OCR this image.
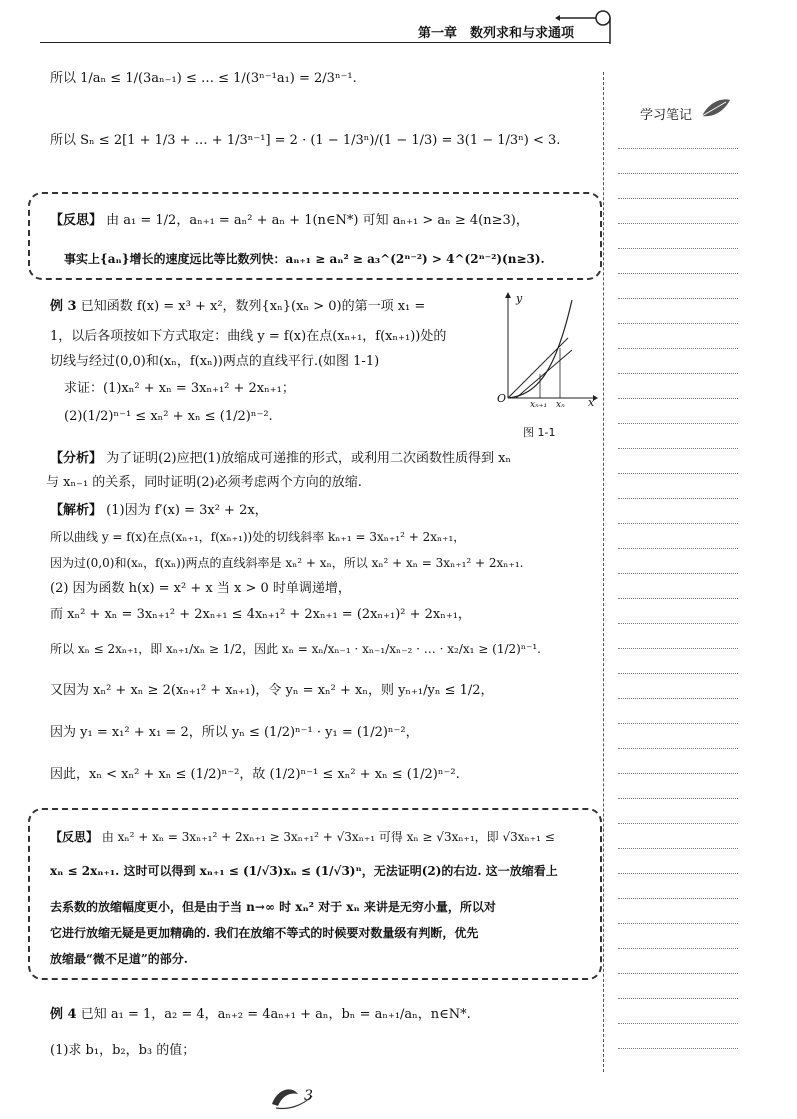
第一章　数列求和与求通项
学习笔记
所以 1/aₙ ≤ 1/(3aₙ₋₁) ≤ … ≤ 1/(3ⁿ⁻¹a₁) = 2/3ⁿ⁻¹.
所以 Sₙ ≤ 2[1 + 1/3 + … + 1/3ⁿ⁻¹] = 2 · (1 − 1/3ⁿ)/(1 − 1/3) = 3(1 − 1/3ⁿ) < 3.
【反思】 由 a₁ = 1/2，aₙ₊₁ = aₙ² + aₙ + 1(n∈N*) 可知 aₙ₊₁ > aₙ ≥ 4(n≥3)，
事实上{aₙ}增长的速度远比等比数列快：aₙ₊₁ ≥ aₙ² ≥ a₃^(2ⁿ⁻²) > 4^(2ⁿ⁻²)(n≥3).
例 3 已知函数 f(x) = x³ + x²，数列{xₙ}(xₙ > 0)的第一项 x₁ =
1，以后各项按如下方式取定：曲线 y = f(x)在点(xₙ₊₁，f(xₙ₊₁))处的
切线与经过(0,0)和(xₙ，f(xₙ))两点的直线平行.(如图 1-1)
求证：(1)xₙ² + xₙ = 3xₙ₊₁² + 2xₙ₊₁；
(2)(1/2)ⁿ⁻¹ ≤ xₙ² + xₙ ≤ (1/2)ⁿ⁻².
y
x
O	xₙ₊₁ xₙ
图 1-1
【分析】 为了证明(2)应把(1)放缩成可递推的形式，或利用二次函数性质得到 xₙ
与 xₙ₋₁ 的关系，同时证明(2)必须考虑两个方向的放缩.
【解析】 (1)因为 f′(x) = 3x² + 2x，
所以曲线 y = f(x)在点(xₙ₊₁，f(xₙ₊₁))处的切线斜率 kₙ₊₁ = 3xₙ₊₁² + 2xₙ₊₁，
因为过(0,0)和(xₙ，f(xₙ))两点的直线斜率是 xₙ² + xₙ，所以 xₙ² + xₙ = 3xₙ₊₁² + 2xₙ₊₁.
(2) 因为函数 h(x) = x² + x 当 x > 0 时单调递增，
而 xₙ² + xₙ = 3xₙ₊₁² + 2xₙ₊₁ ≤ 4xₙ₊₁² + 2xₙ₊₁ = (2xₙ₊₁)² + 2xₙ₊₁，
所以 xₙ ≤ 2xₙ₊₁，即 xₙ₊₁/xₙ ≥ 1/2，因此 xₙ = xₙ/xₙ₋₁ · xₙ₋₁/xₙ₋₂ · … · x₂/x₁ ≥ (1/2)ⁿ⁻¹.
又因为 xₙ² + xₙ ≥ 2(xₙ₊₁² + xₙ₊₁)，令 yₙ = xₙ² + xₙ，则 yₙ₊₁/yₙ ≤ 1/2，
因为 y₁ = x₁² + x₁ = 2，所以 yₙ ≤ (1/2)ⁿ⁻¹ · y₁ = (1/2)ⁿ⁻²，
因此，xₙ < xₙ² + xₙ ≤ (1/2)ⁿ⁻²，故 (1/2)ⁿ⁻¹ ≤ xₙ² + xₙ ≤ (1/2)ⁿ⁻².
【反思】 由 xₙ² + xₙ = 3xₙ₊₁² + 2xₙ₊₁ ≥ 3xₙ₊₁² + √3xₙ₊₁ 可得 xₙ ≥ √3xₙ₊₁，即 √3xₙ₊₁ ≤
xₙ ≤ 2xₙ₊₁. 这时可以得到 xₙ₊₁ ≤ (1/√3)xₙ ≤ (1/√3)ⁿ，无法证明(2)的右边. 这一放缩看上
去系数的放缩幅度更小，但是由于当 n→∞ 时 xₙ² 对于 xₙ 来讲是无穷小量，所以对
它进行放缩无疑是更加精确的. 我们在放缩不等式的时候要对数量级有判断，优先
放缩最“微不足道”的部分.
例 4 已知 a₁ = 1，a₂ = 4，aₙ₊₂ = 4aₙ₊₁ + aₙ，bₙ = aₙ₊₁/aₙ，n∈N*.
(1)求 b₁，b₂，b₃ 的值；
3
